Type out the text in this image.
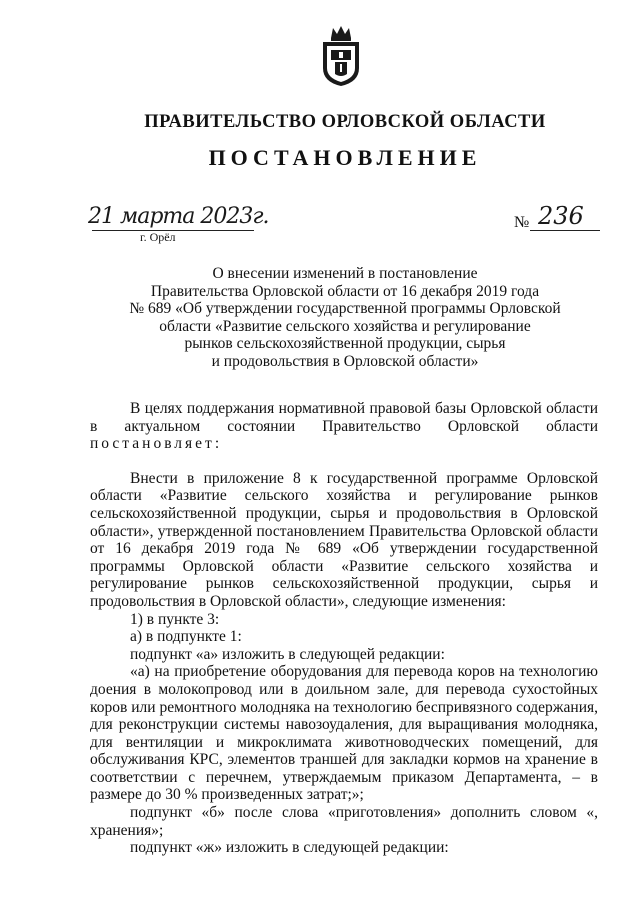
ПРАВИТЕЛЬСТВО ОРЛОВСКОЙ ОБЛАСТИ
ПОСТАНОВЛЕНИЕ
21 марта 2023г.
г. Орёл
№ 236
О внесении изменений в постановление
Правительства Орловской области от 16 декабря 2019 года
№ 689 «Об утверждении государственной программы Орловской
области «Развитие сельского хозяйства и регулирование
рынков сельскохозяйственной продукции, сырья
и продовольствия в Орловской области»

В целях поддержания нормативной правовой базы Орловской области в актуальном состоянии Правительство Орловской области постановляет:

Внести в приложение 8 к государственной программе Орловской области «Развитие сельского хозяйства и регулирование рынков сельскохозяйственной продукции, сырья и продовольствия в Орловской области», утвержденной постановлением Правительства Орловской области от 16 декабря 2019 года № 689 «Об утверждении государственной программы Орловской области «Развитие сельского хозяйства и регулирование рынков сельскохозяйственной продукции, сырья и продовольствия в Орловской области», следующие изменения:

1) в пункте 3:

а) в подпункте 1:

подпункт «а» изложить в следующей редакции:

«а) на приобретение оборудования для перевода коров на технологию доения в молокопровод или в доильном зале, для перевода сухостойных коров или ремонтного молодняка на технологию беспривязного содержания, для реконструкции системы навозоудаления, для выращивания молодняка, для вентиляции и микроклимата животноводческих помещений, для обслуживания КРС, элементов траншей для закладки кормов на хранение в соответствии с перечнем, утверждаемым приказом Департамента, – в размере до 30 % произведенных затрат;»;

подпункт «б» после слова «приготовления» дополнить словом «, хранения»;

подпункт «ж» изложить в следующей редакции:
